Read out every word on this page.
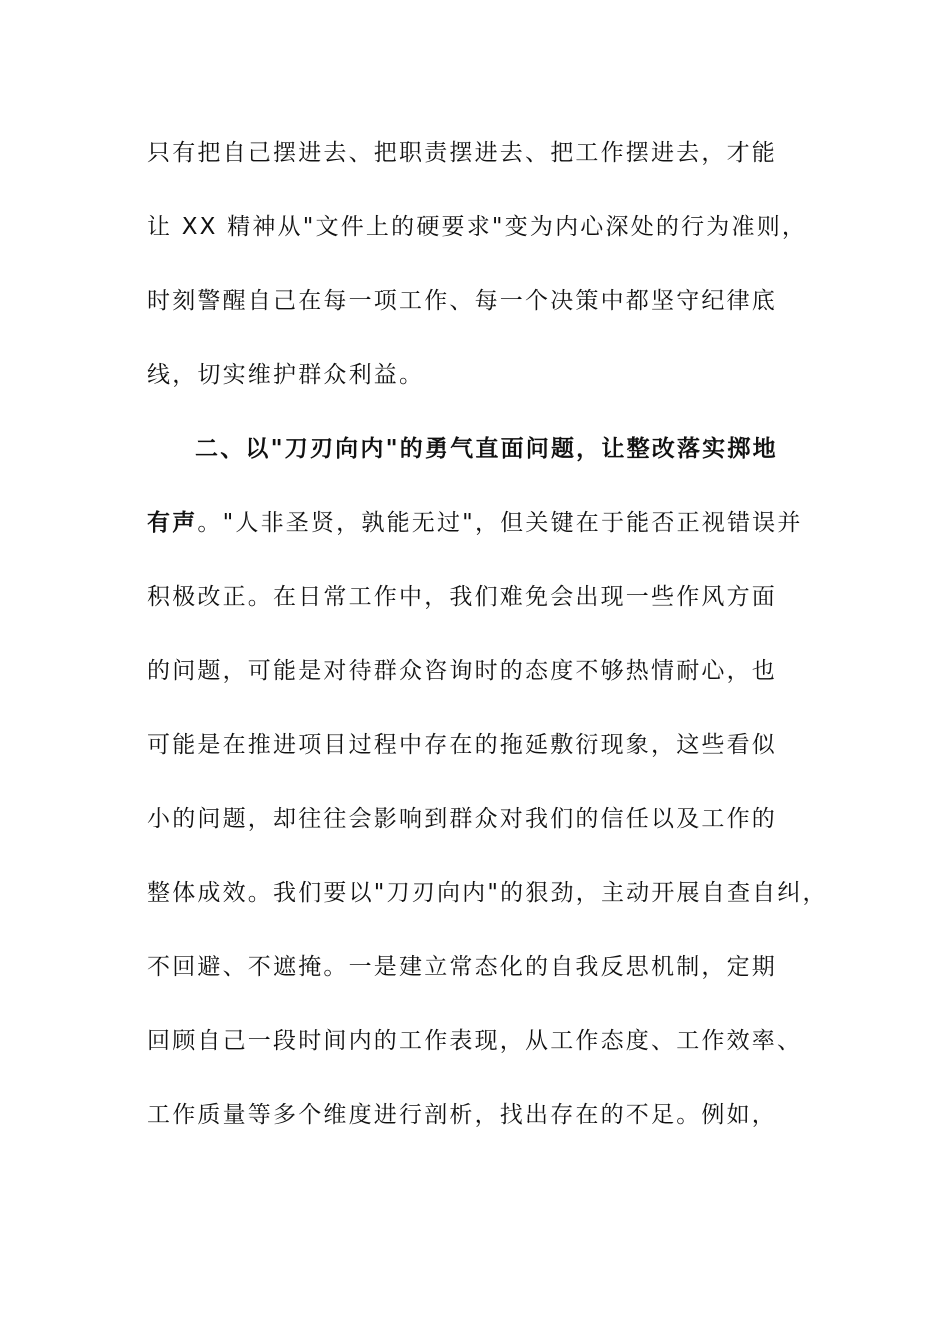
只有把自己摆进去、把职责摆进去、把工作摆进去，才能
让 XX 精神从"文件上的硬要求"变为内心深处的行为准则，
时刻警醒自己在每一项工作、每一个决策中都坚守纪律底
线，切实维护群众利益。
二、以"刀刃向内"的勇气直面问题，让整改落实掷地
有声。"人非圣贤，孰能无过"，但关键在于能否正视错误并
积极改正。在日常工作中，我们难免会出现一些作风方面
的问题，可能是对待群众咨询时的态度不够热情耐心，也
可能是在推进项目过程中存在的拖延敷衍现象，这些看似
小的问题，却往往会影响到群众对我们的信任以及工作的
整体成效。我们要以"刀刃向内"的狠劲，主动开展自查自纠，
不回避、不遮掩。一是建立常态化的自我反思机制，定期
回顾自己一段时间内的工作表现，从工作态度、工作效率、
工作质量等多个维度进行剖析，找出存在的不足。例如，
